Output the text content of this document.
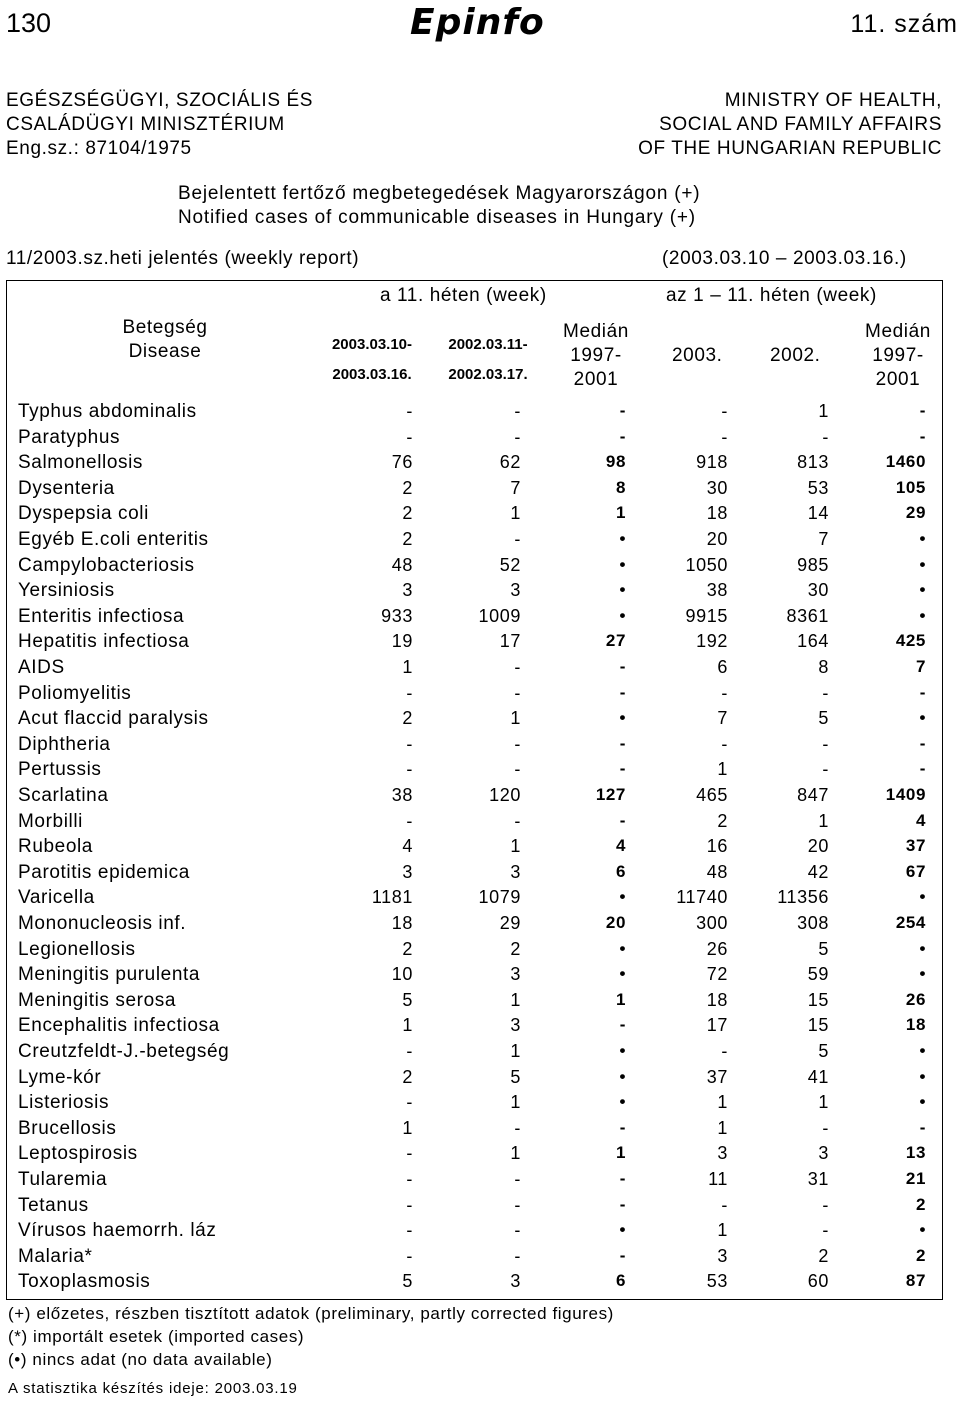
130	Epinfo	11. szám
EGÉSZSÉGÜGYI, SZOCIÁLIS ÉS
CSALÁDÜGYI MINISZTÉRIUM
Eng.sz.: 87104/1975
MINISTRY OF HEALTH,
SOCIAL AND FAMILY AFFAIRS
OF THE HUNGARIAN REPUBLIC
Bejelentett fertőző megbetegedések Magyarországon (+)
Notified cases of communicable diseases in Hungary (+)
11/2003.sz.heti jelentés (weekly report)	(2003.03.10 – 2003.03.16.)
Betegség
Disease
a 11. héten (week)	az 1 – 11. héten (week)
2003.03.10-
2003.03.16.
2002.03.11-
2002.03.17.
Medián
1997-
2001
2003. 2002.
Medián
1997-
2001
Typhus abdominalis	-	-	-	-	1	-
Paratyphus	-	-	-	-	-	-
Salmonellosis	76	62	98	918	813	1460
Dysenteria	2	7	8	30	53	105
Dyspepsia coli	2	1	1	18	14	29
Egyéb E.coli enteritis	2	-	•	20	7	•
Campylobacteriosis	48	52	•	1050	985	•
Yersiniosis	3	3	•	38	30	•
Enteritis infectiosa	933	1009	•	9915	8361	•
Hepatitis infectiosa	19	17	27	192	164	425
AIDS	1	-	-	6	8	7
Poliomyelitis	-	-	-	-	-	-
Acut flaccid paralysis	2	1	•	7	5	•
Diphtheria	-	-	-	-	-	-
Pertussis	-	-	-	1	-	-
Scarlatina	38	120	127	465	847	1409
Morbilli	-	-	-	2	1	4
Rubeola	4	1	4	16	20	37
Parotitis epidemica	3	3	6	48	42	67
Varicella	1181	1079	•	11740	11356	•
Mononucleosis inf.	18	29	20	300	308	254
Legionellosis	2	2	•	26	5	•
Meningitis purulenta	10	3	•	72	59	•
Meningitis serosa	5	1	1	18	15	26
Encephalitis infectiosa	1	3	-	17	15	18
Creutzfeldt-J.-betegség	-	1	•	-	5	•
Lyme-kór	2	5	•	37	41	•
Listeriosis	-	1	•	1	1	•
Brucellosis	1	-	-	1	-	-
Leptospirosis	-	1	1	3	3	13
Tularemia	-	-	-	11	31	21
Tetanus	-	-	-	-	-	2
Vírusos haemorrh. láz	-	-	•	1	-	•
Malaria*	-	-	-	3	2	2
Toxoplasmosis	5	3	6	53	60	87
(+) előzetes, részben tisztított adatok (preliminary, partly corrected figures)
(*) importált esetek (imported cases)
(•) nincs adat (no data available)
A statisztika készítés ideje: 2003.03.19
